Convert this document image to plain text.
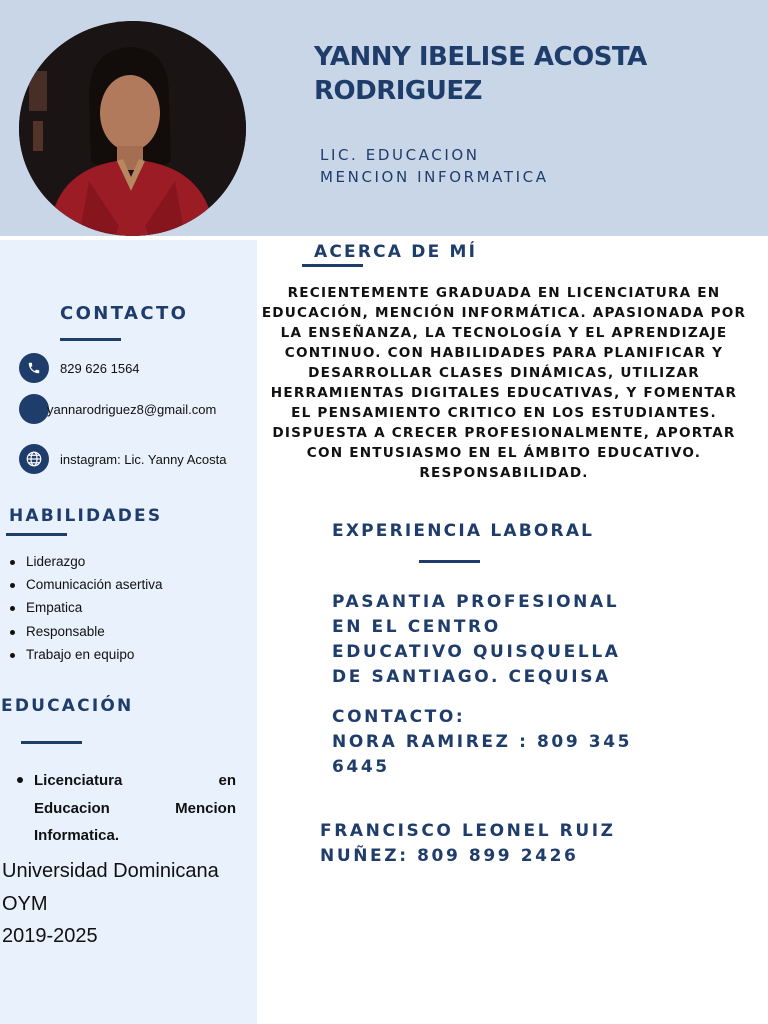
YANNY IBELISE ACOSTA RODRIGUEZ
LIC. EDUCACION
MENCION INFORMATICA
CONTACTO
829 626 1564
yannarodriguez8@gmail.com
instagram: Lic. Yanny Acosta
HABILIDADES
Liderazgo
Comunicación asertiva
Empatica
Responsable
Trabajo en equipo
EDUCACIÓN
Licenciatura en
Educacion Mencion
Informatica.
Universidad Dominicana
OYM
2019-2025
ACERCA DE MÍ
RECIENTEMENTE GRADUADA EN LICENCIATURA EN EDUCACIÓN, MENCIÓN INFORMÁTICA. APASIONADA POR LA ENSEÑANZA, LA TECNOLOGÍA Y EL APRENDIZAJE CONTINUO. CON HABILIDADES PARA PLANIFICAR Y DESARROLLAR CLASES DINÁMICAS, UTILIZAR HERRAMIENTAS DIGITALES EDUCATIVAS, Y FOMENTAR EL PENSAMIENTO CRITICO EN LOS ESTUDIANTES. DISPUESTA A CRECER PROFESIONALMENTE, APORTAR CON ENTUSIASMO EN EL ÁMBITO EDUCATIVO. RESPONSABILIDAD.
EXPERIENCIA LABORAL
PASANTIA PROFESIONAL
EN EL CENTRO
EDUCATIVO QUISQUELLA
DE SANTIAGO. CEQUISA
CONTACTO:
NORA RAMIREZ : 809 345
6445
FRANCISCO LEONEL RUIZ
NUÑEZ: 809 899 2426
